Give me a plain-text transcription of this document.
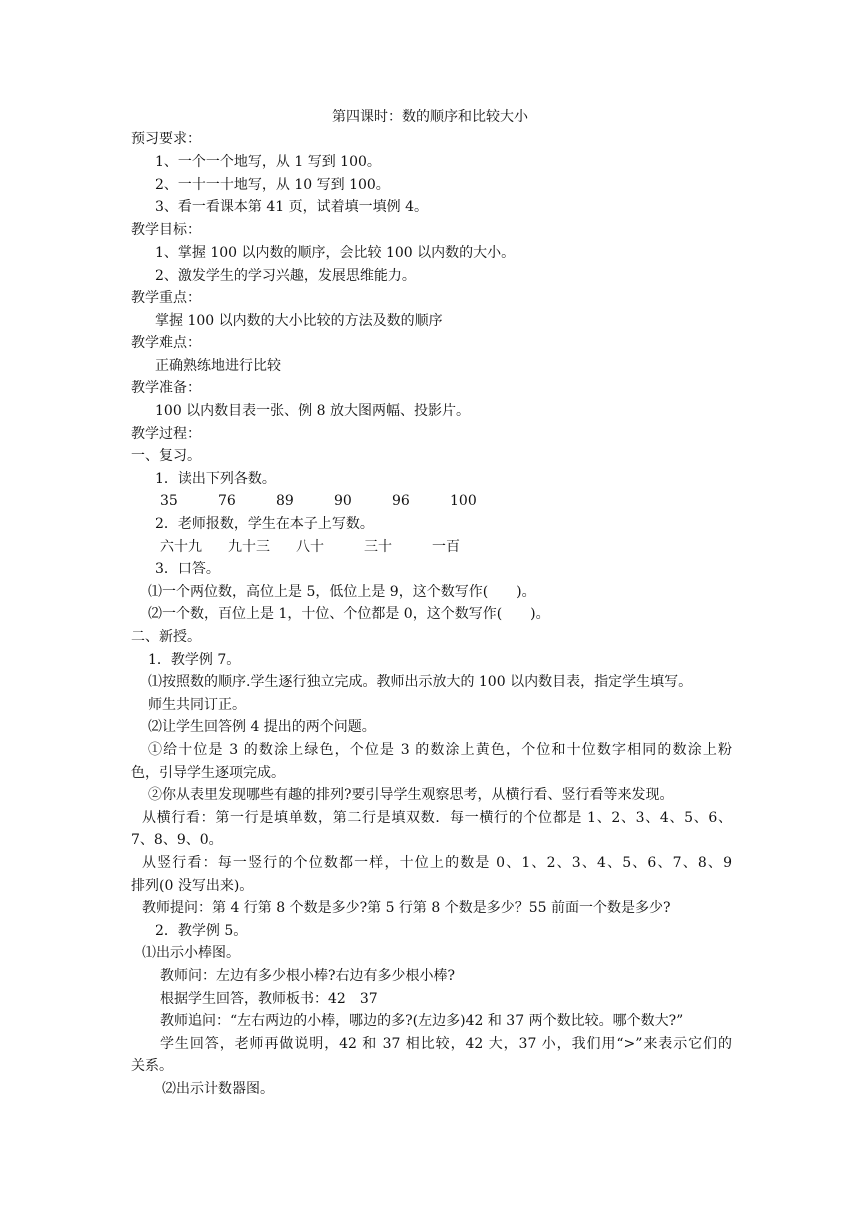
第四课时：数的顺序和比较大小
预习要求：
1、一个一个地写，从 1 写到 100。
2、一十一十地写，从 10 写到 100。
3、看一看课本第 41 页，试着填一填例 4。
教学目标：
1、掌握 100 以内数的顺序，会比较 100 以内数的大小。
2、激发学生的学习兴趣，发展思维能力。
教学重点：
掌握 100 以内数的大小比较的方法及数的顺序
教学难点：
正确熟练地进行比较
教学准备：
100 以内数目表一张、例 8 放大图两幅、投影片。
教学过程：
一、复习。
1．读出下列各数。
35	76	89	90	96	100
2．老师报数，学生在本子上写数。
六十九 九十三 八十	三十	一百
3．口答。
⑴一个两位数，高位上是 5，低位上是 9，这个数写作(　　)。
⑵一个数，百位上是 1，十位、个位都是 0，这个数写作(　　)。
二、新授。
1．教学例 7。
⑴按照数的顺序.学生逐行独立完成。教师出示放大的 100 以内数目表，指定学生填写。
师生共同订正。
⑵让学生回答例 4 提出的两个问题。
①给十位是 3 的数涂上绿色，个位是 3 的数涂上黄色，个位和十位数字相同的数涂上粉
色，引导学生逐项完成。
②你从表里发现哪些有趣的排列?要引导学生观察思考，从横行看、竖行看等来发现。
从横行看：第一行是填单数，第二行是填双数．每一横行的个位都是 1、2、3、4、5、6、
7、8、9、0。
从竖行看：每一竖行的个位数都一样，十位上的数是 0、1、2、3、4、5、6、7、8、9
排列(0 没写出来)。
教师提问：第 4 行第 8 个数是多少?第 5 行第 8 个数是多少？55 前面一个数是多少?
2．教学例 5。
⑴出示小棒图。
教师问：左边有多少根小棒?右边有多少根小棒?
根据学生回答，教师板书：42　37
教师追问：“左右两边的小棒，哪边的多?(左边多)42 和 37 两个数比较。哪个数大?”
学生回答，老师再做说明，42 和 37 相比较，42 大，37 小，我们用“>”来表示它们的
关系。
⑵出示计数器图。
